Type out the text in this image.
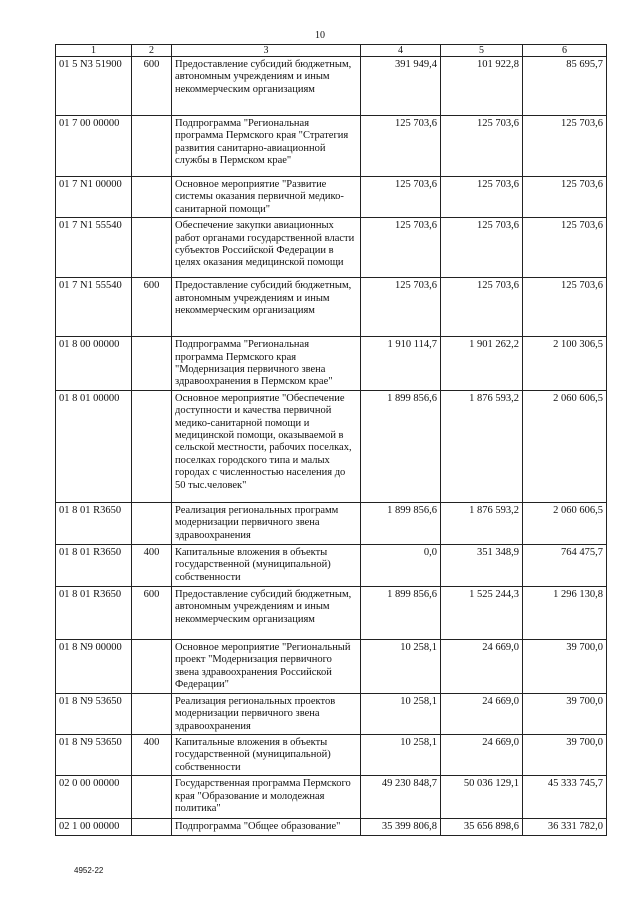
10
1	2	3	4	5	6
01 5 N3 51900	600	Предоставление субсидий бюджетным, автономным учреждениям и иным некоммерческим организациям	391 949,4	101 922,8	85 695,7
01 7 00 00000		Подпрограмма "Региональная программа Пермского края "Стратегия развития санитарно-авиационной службы в Пермском крае"	125 703,6	125 703,6	125 703,6
01 7 N1 00000		Основное мероприятие "Развитие системы оказания первичной медико-санитарной помощи"	125 703,6	125 703,6	125 703,6
01 7 N1 55540		Обеспечение закупки авиационных работ органами государственной власти субъектов Российской Федерации в целях оказания медицинской помощи	125 703,6	125 703,6	125 703,6
01 7 N1 55540	600	Предоставление субсидий бюджетным, автономным учреждениям и иным некоммерческим организациям	125 703,6	125 703,6	125 703,6
01 8 00 00000		Подпрограмма "Региональная программа Пермского края "Модернизация первичного звена здравоохранения в Пермском крае"	1 910 114,7	1 901 262,2	2 100 306,5
01 8 01 00000		Основное мероприятие "Обеспечение доступности и качества первичной медико-санитарной помощи и медицинской помощи, оказываемой в сельской местности, рабочих поселках, поселках городского типа и малых городах с численностью населения до 50 тыс.человек"	1 899 856,6	1 876 593,2	2 060 606,5
01 8 01 R3650		Реализация региональных программ модернизации первичного звена здравоохранения	1 899 856,6	1 876 593,2	2 060 606,5
01 8 01 R3650	400	Капитальные вложения в объекты государственной (муниципальной) собственности	0,0	351 348,9	764 475,7
01 8 01 R3650	600	Предоставление субсидий бюджетным, автономным учреждениям и иным некоммерческим организациям	1 899 856,6	1 525 244,3	1 296 130,8
01 8 N9 00000		Основное мероприятие "Региональный проект "Модернизация первичного звена здравоохранения Российской Федерации"	10 258,1	24 669,0	39 700,0
01 8 N9 53650		Реализация региональных проектов модернизации первичного звена здравоохранения	10 258,1	24 669,0	39 700,0
01 8 N9 53650	400	Капитальные вложения в объекты государственной (муниципальной) собственности	10 258,1	24 669,0	39 700,0
02 0 00 00000		Государственная программа Пермского края "Образование и молодежная политика"	49 230 848,7	50 036 129,1	45 333 745,7
02 1 00 00000		Подпрограмма "Общее образование"	35 399 806,8	35 656 898,6	36 331 782,0
4952-22
